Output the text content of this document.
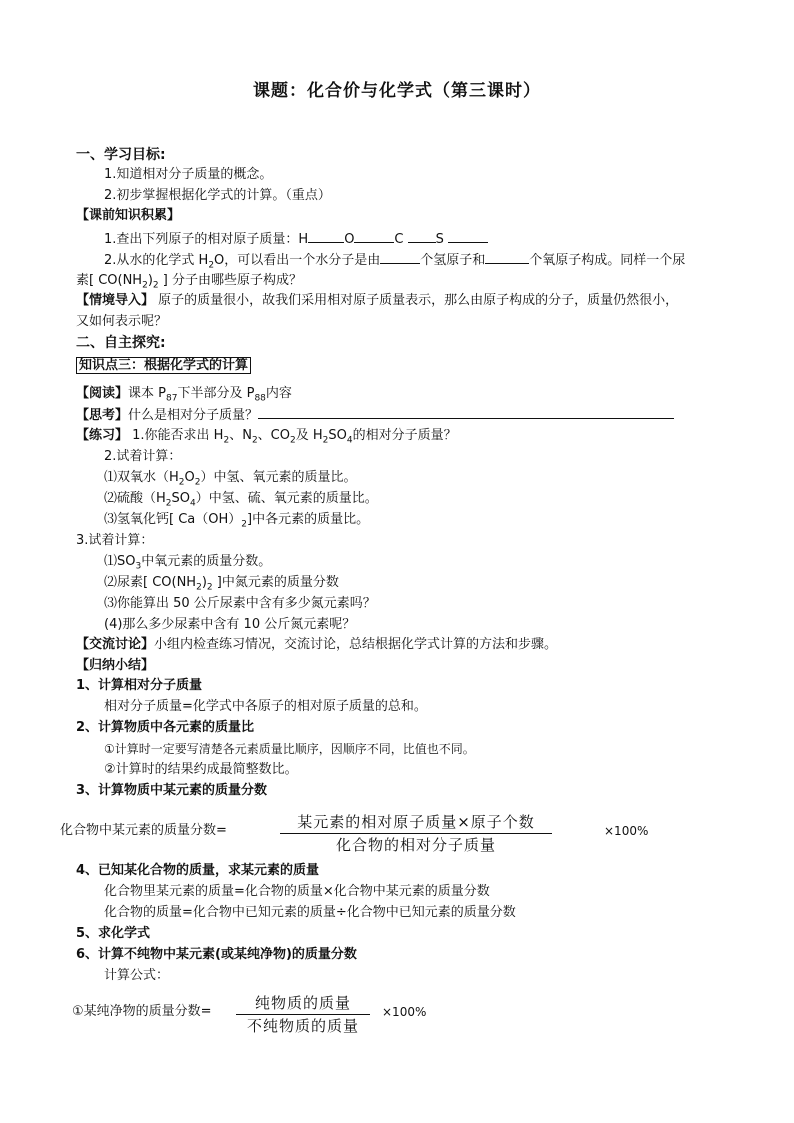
课题：化合价与化学式（第三课时）
一、学习目标:
1.知道相对分子质量的概念。
2.初步掌握根据化学式的计算。（重点）
【课前知识积累】
1.查出下列原子的相对原子质量：H	O	C S
2.从水的化学式 $H_2O$，可以看出一个水分子是由	个氢原子和	个氧原子构成。同样一个尿
素[ $CO(NH_2)_2$ ] 分子由哪些原子构成？
【情境导入】 原子的质量很小，故我们采用相对原子质量表示，那么由原子构成的分子，质量仍然很小，
又如何表示呢？
二、自主探究:
知识点三：根据化学式的计算
【阅读】课本 $P_{87}$下半部分及 $P_{88}$内容
【思考】什么是相对分子质量？
【练习】 1.你能否求出 $H_2$、$N_2$、$CO_2$及 $H_2SO_4$的相对分子质量？
2.试着计算：
⑴双氧水$(H_2O_2)$中氢、氧元素的质量比。
⑵硫酸$(H_2SO_4)$中氢、硫、氧元素的质量比。
⑶氢氧化钙[ $Ca(OH)_2$]中各元素的质量比。
3.试着计算：
$⑴SO_3$中氧元素的质量分数。
⑵尿素[ $CO(NH_2)_2$ ]中氮元素的质量分数
⑶你能算出 50 公斤尿素中含有多少氮元素吗？
(4)那么多少尿素中含有 10 公斤氮元素呢？
【交流讨论】小组内检查练习情况，交流讨论，总结根据化学式计算的方法和步骤。
【归纳小结】
1、计算相对分子质量
相对分子质量=化学式中各原子的相对原子质量的总和。
2、计算物质中各元素的质量比
①计算时一定要写清楚各元素质量比顺序，因顺序不同，比值也不同。
②计算时的结果约成最简整数比。
3、计算物质中某元素的质量分数
化合物中某元素的质量分数=	某元素的相对原子质量×原子个数
化合物的相对分子质量
×100%
4、已知某化合物的质量，求某元素的质量
化合物里某元素的质量=化合物的质量×化合物中某元素的质量分数
化合物的质量=化合物中已知元素的质量÷化合物中已知元素的质量分数
5、求化学式
6、计算不纯物中某元素(或某纯净物)的质量分数
计算公式：
①某纯净物的质量分数=	纯物质的质量
不纯物质的质量
×100%
